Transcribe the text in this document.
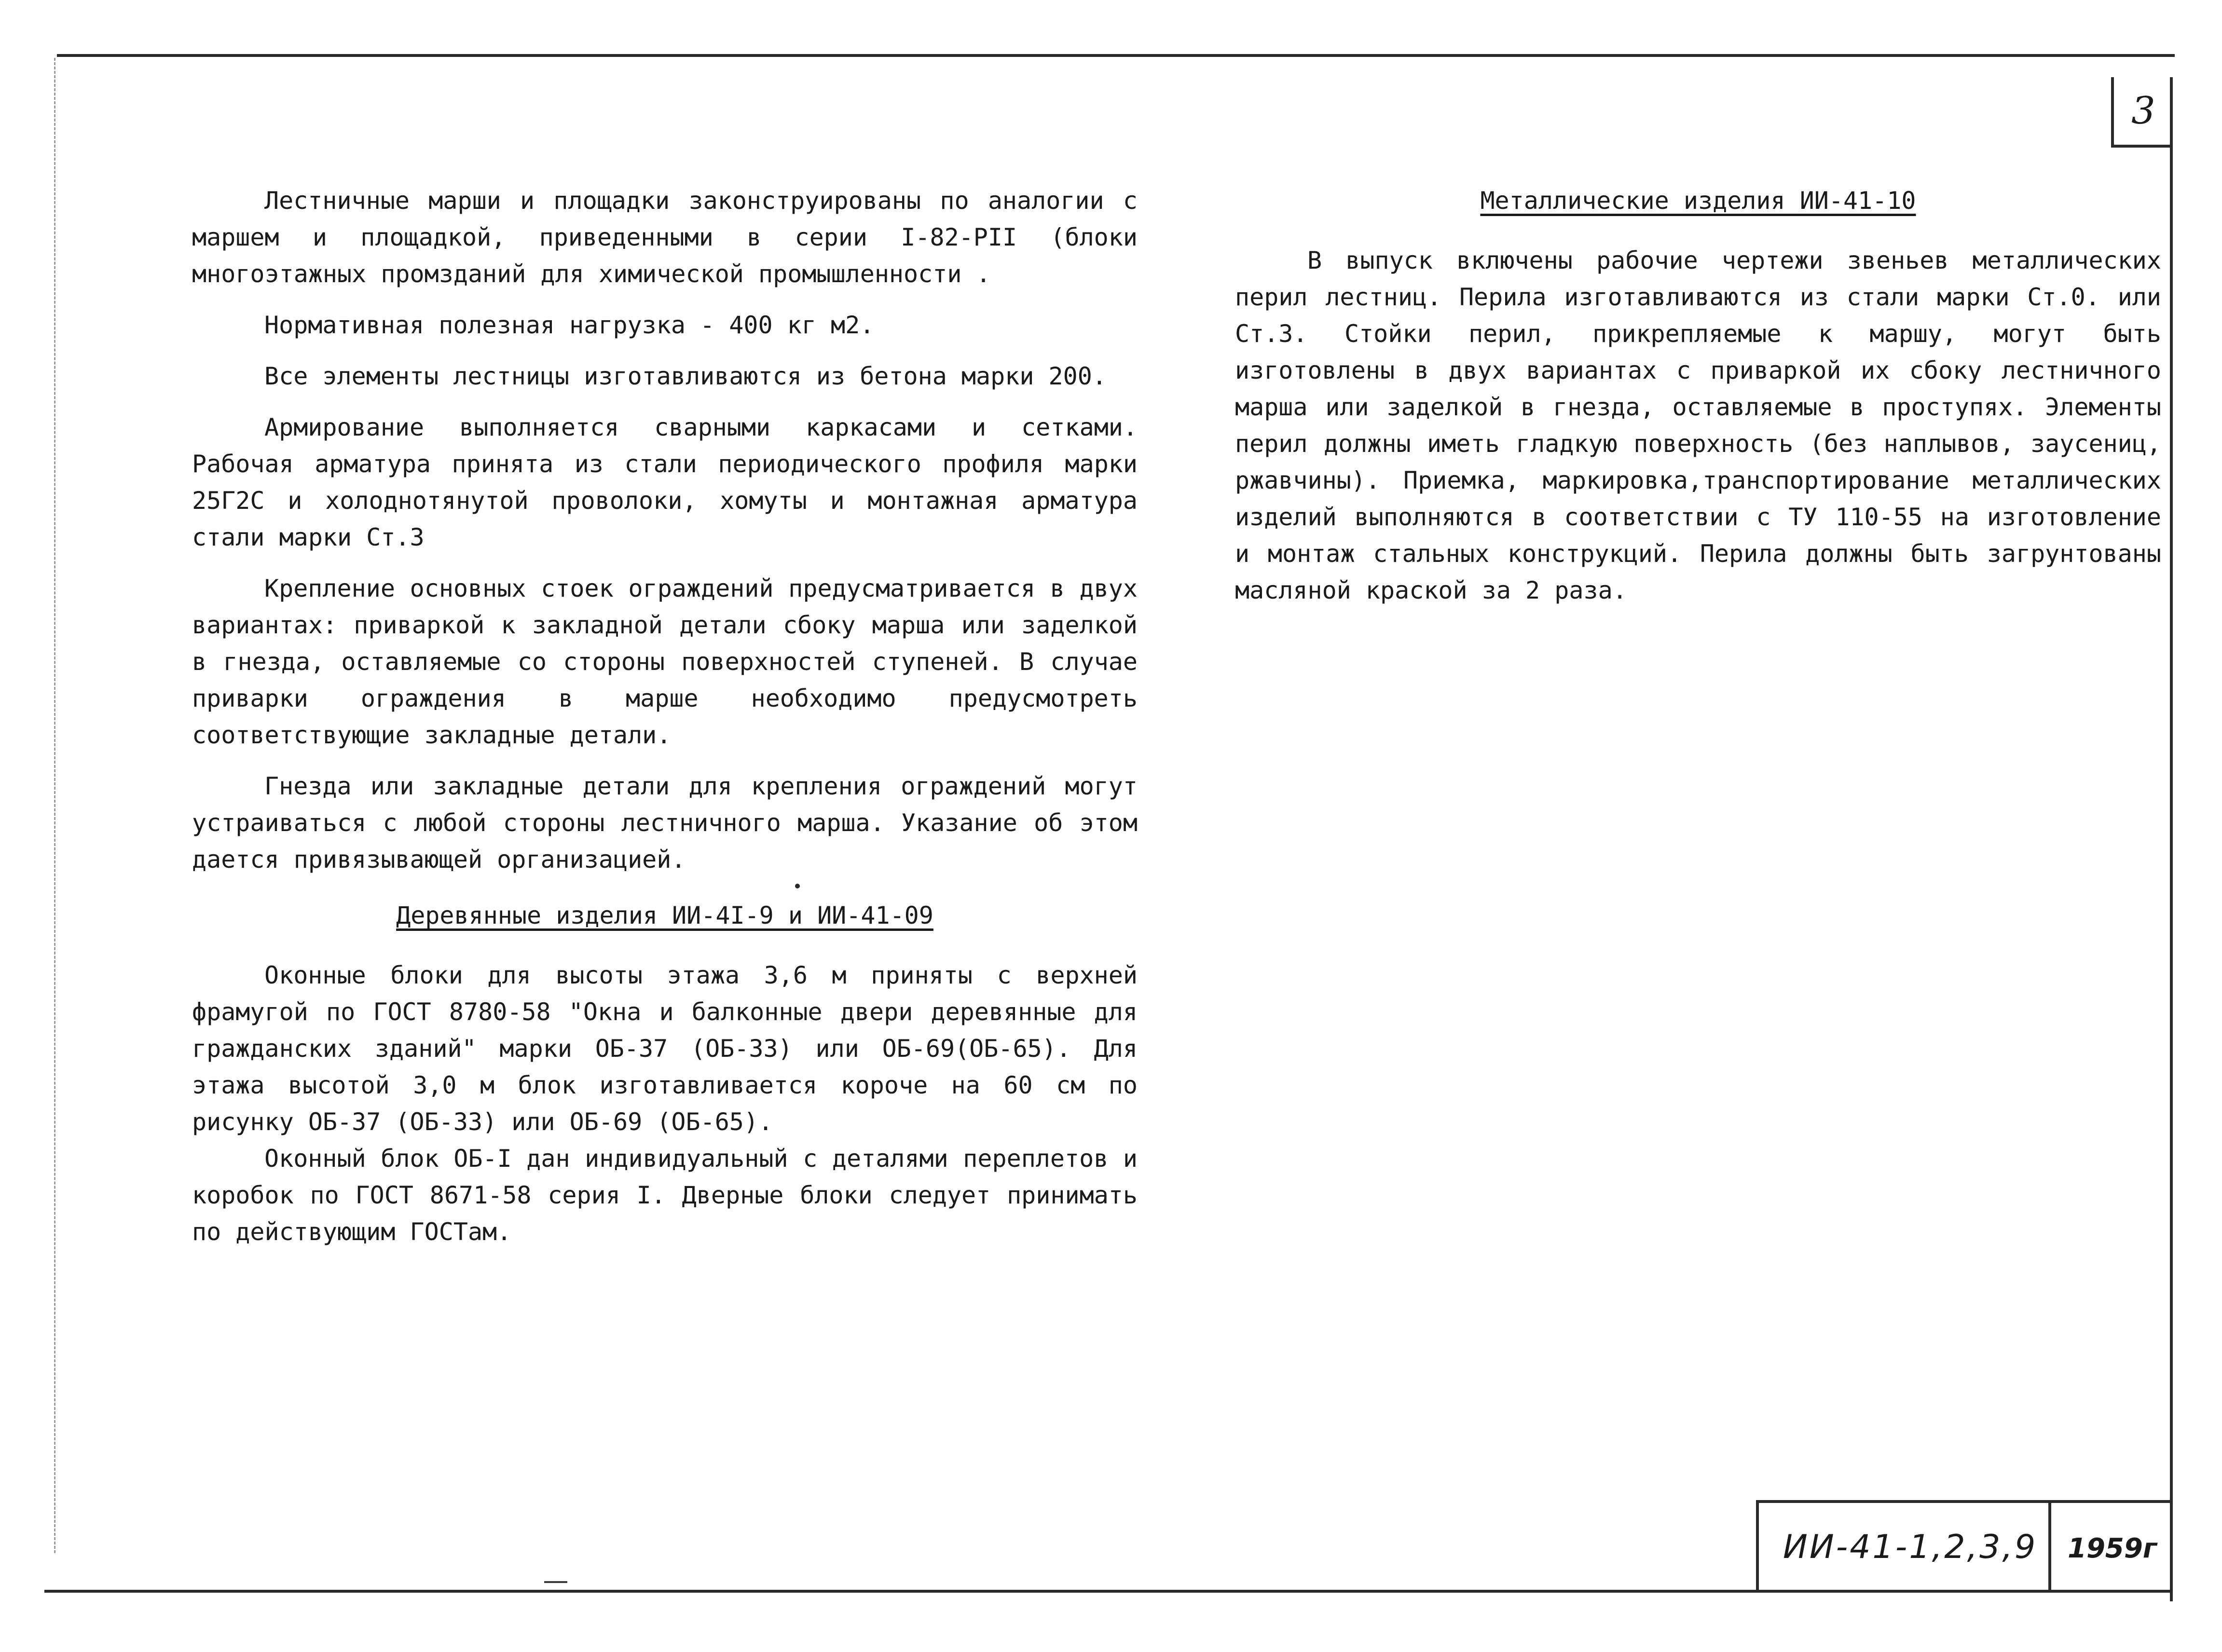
3

Лестничные марши и площадки законструированы по аналогии с маршем и площадкой, приведенными в серии I-82-PII (блоки многоэтажных промзданий для химической промышленности .

Нормативная полезная нагрузка - 400 кг м2.

Все элементы лестницы изготавливаются из бетона марки 200.

Армирование выполняется сварными каркасами и сетками. Рабочая арматура принята из стали периодического профиля марки 25Г2С и холоднотянутой проволоки, хомуты и монтажная арматура стали марки Ст.3

Крепление основных стоек ограждений предусматривается в двух вариантах: приваркой к закладной детали сбоку марша или заделкой в гнезда, оставляемые со стороны поверхностей ступеней. В случае приварки ограждения в марше необходимо предусмотреть соответствующие закладные детали.

Гнезда или закладные детали для крепления ограждений могут устраиваться с любой стороны лестничного марша. Указание об этом дается привязывающей организацией.

Деревянные изделия ИИ-4I-9 и ИИ-41-09

Оконные блоки для высоты этажа 3,6 м приняты с верхней фрамугой по ГОСТ 8780-58 "Окна и балконные двери деревянные для гражданских зданий" марки ОБ-37 (ОБ-33) или ОБ-69(ОБ-65). Для этажа высотой 3,0 м блок изготавливается короче на 60 см по рисунку ОБ-37 (ОБ-33) или ОБ-69 (ОБ-65).

Оконный блок ОБ-I дан индивидуальный с деталями переплетов и коробок по ГОСТ 8671-58 серия I. Дверные блоки следует принимать по действующим ГОСТам.

Металлические изделия ИИ-41-10

В выпуск включены рабочие чертежи звеньев металлических перил лестниц. Перила изготавливаются из стали марки Ст.0. или Ст.3. Стойки перил, прикрепляемые к маршу, могут быть изготовлены в двух вариантах с приваркой их сбоку лестничного марша или заделкой в гнезда, оставляемые в проступях. Элементы перил должны иметь гладкую поверхность (без наплывов, заусениц, ржавчины). Приемка, маркировка,транспортирование металлических изделий выполняются в соответствии с ТУ 110-55 на изготовление и монтаж стальных конструкций. Перила должны быть загрунтованы масляной краской за 2 раза.

ИИ-41-1,2,3,9 1959г
